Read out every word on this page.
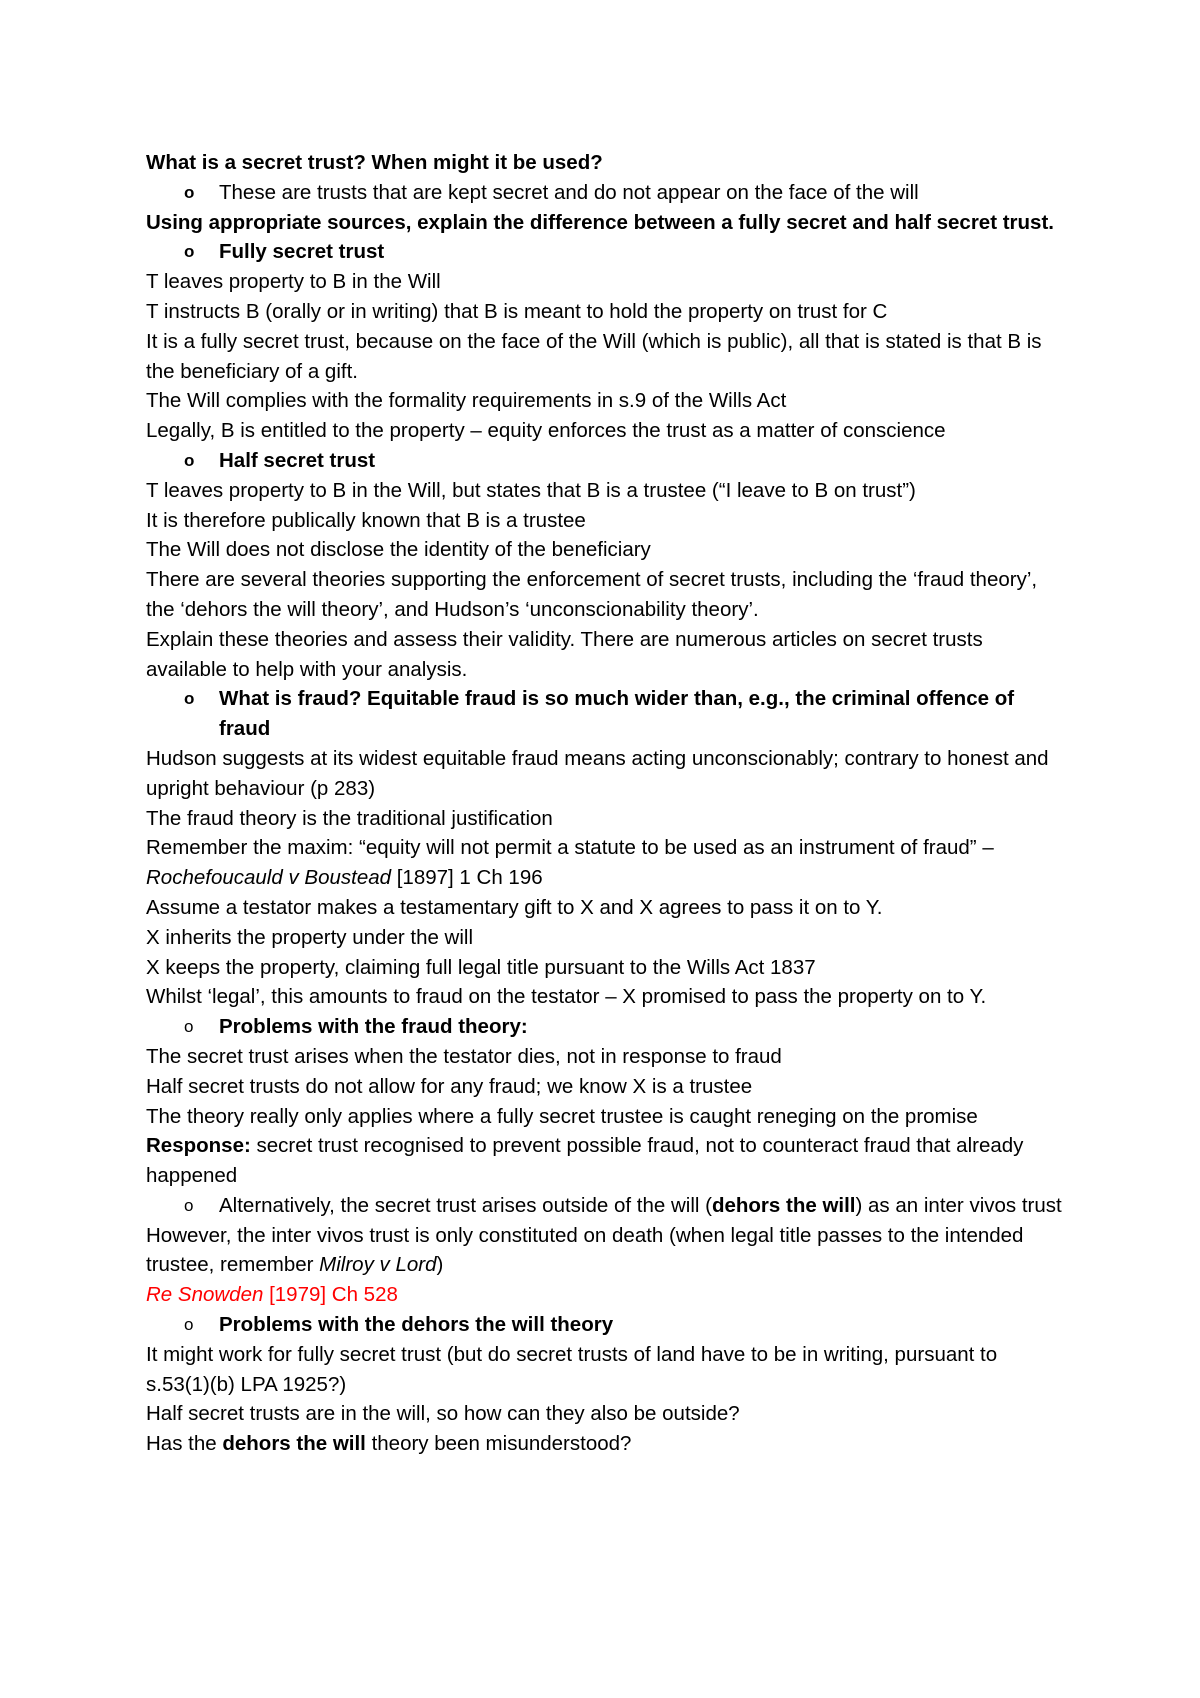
What is a secret trust? When might it be used?
o These are trusts that are kept secret and do not appear on the face of the will
Using appropriate sources, explain the difference between a fully secret and half secret trust.
o Fully secret trust
T leaves property to B in the Will
T instructs B (orally or in writing) that B is meant to hold the property on trust for C
It is a fully secret trust, because on the face of the Will (which is public), all that is stated is that B is the beneficiary of a gift.
The Will complies with the formality requirements in s.9 of the Wills Act
Legally, B is entitled to the property – equity enforces the trust as a matter of conscience
o Half secret trust
T leaves property to B in the Will, but states that B is a trustee (“I leave to B on trust”)
It is therefore publically known that B is a trustee
The Will does not disclose the identity of the beneficiary
There are several theories supporting the enforcement of secret trusts, including the ‘fraud theory’, the ‘dehors the will theory’, and Hudson’s ‘unconscionability theory’.
Explain these theories and assess their validity. There are numerous articles on secret trusts available to help with your analysis.
o What is fraud? Equitable fraud is so much wider than, e.g., the criminal offence of fraud
Hudson suggests at its widest equitable fraud means acting unconscionably; contrary to honest and upright behaviour (p 283)
The fraud theory is the traditional justification
Remember the maxim: “equity will not permit a statute to be used as an instrument of fraud” – Rochefoucauld v Boustead [1897] 1 Ch 196
Assume a testator makes a testamentary gift to X and X agrees to pass it on to Y.
X inherits the property under the will
X keeps the property, claiming full legal title pursuant to the Wills Act 1837
Whilst ‘legal’, this amounts to fraud on the testator – X promised to pass the property on to Y.
o Problems with the fraud theory:
The secret trust arises when the testator dies, not in response to fraud
Half secret trusts do not allow for any fraud; we know X is a trustee
The theory really only applies where a fully secret trustee is caught reneging on the promise
Response: secret trust recognised to prevent possible fraud, not to counteract fraud that already happened
o Alternatively, the secret trust arises outside of the will (dehors the will) as an inter vivos trust
However, the inter vivos trust is only constituted on death (when legal title passes to the intended trustee, remember Milroy v Lord)
Re Snowden [1979] Ch 528
o Problems with the dehors the will theory
It might work for fully secret trust (but do secret trusts of land have to be in writing, pursuant to s.53(1)(b) LPA 1925?)
Half secret trusts are in the will, so how can they also be outside?
Has the dehors the will theory been misunderstood?
